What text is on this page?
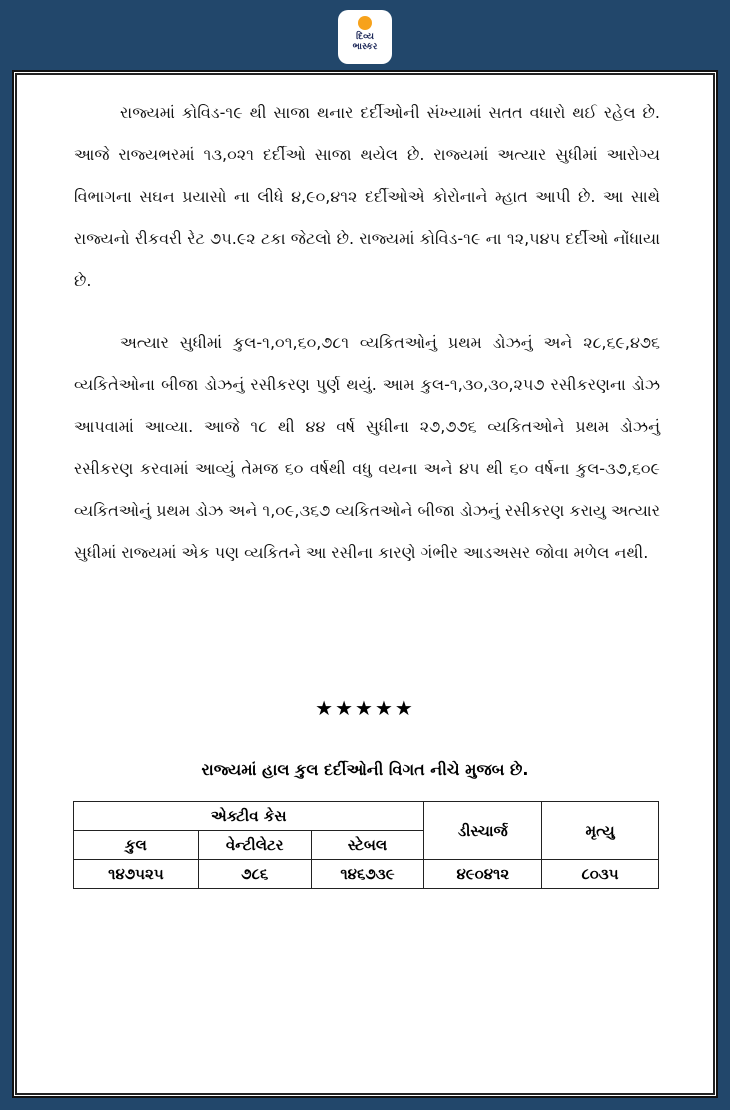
દિવ્ય
ભાસ્કર

રાજ્યમાં કોવિડ-૧૯ થી સાજા થનાર દર્દીઓની સંખ્યામાં સતત વધારો થઈ રહેલ છે. આજે રાજ્યભરમાં ૧૩,૦૨૧ દર્દીઓ સાજા થયેલ છે. રાજ્યમાં અત્યાર સુધીમાં આરોગ્ય વિભાગના સઘન પ્રયાસો ના લીધે ૪,૯૦,૪૧૨ દર્દીઓએ કોરોનાને મ્હાત આપી છે. આ સાથે રાજ્યનો રીકવરી રેટ ૭૫.૯૨ ટકા જેટલો છે. રાજ્યમાં કોવિડ-૧૯ ના ૧૨,૫૪૫ દર્દીઓ નોંધાયા છે.

અત્યાર સુધીમાં કુલ-૧,૦૧,૬૦,૭૮૧ વ્યકિતઓનું પ્રથમ ડોઝનું અને ૨૮,૬૯,૪૭૬ વ્યકિતેઓના બીજા ડોઝનું રસીકરણ પુર્ણ થયું. આમ કુલ-૧,૩૦,૩૦,૨૫૭ રસીકરણના ડોઝ આપવામાં આવ્યા. આજે ૧૮ થી ૪૪ વર્ષ સુધીના ૨૭,૭૭૬ વ્યકિતઓને પ્રથમ ડોઝનું રસીકરણ કરવામાં આવ્યું તેમજ ૬૦ વર્ષથી વધુ વયના અને ૪૫ થી ૬૦ વર્ષના કુલ-૩૭,૬૦૯ વ્યકિતઓનું પ્રથમ ડોઝ અને ૧,૦૯,૩૬૭ વ્યકિતઓને બીજા ડોઝનું રસીકરણ કરાયુ અત્યાર સુધીમાં રાજ્યમાં એક પણ વ્યકિતને આ રસીના કારણે ગંભીર આડઅસર જોવા મળેલ નથી.

★★★★★
રાજ્યમાં હાલ કુલ દર્દીઓની વિગત નીચે મુજબ છે.
એક્ટીવ કેસ			ડીસ્ચાર્જ	મૃત્યુ
કુલ	વેન્ટીલેટર	સ્ટેબલ		
૧૪૭૫૨૫	૭૮૬	૧૪૬૭૩૯	૪૯૦૪૧૨	૮૦૩૫
